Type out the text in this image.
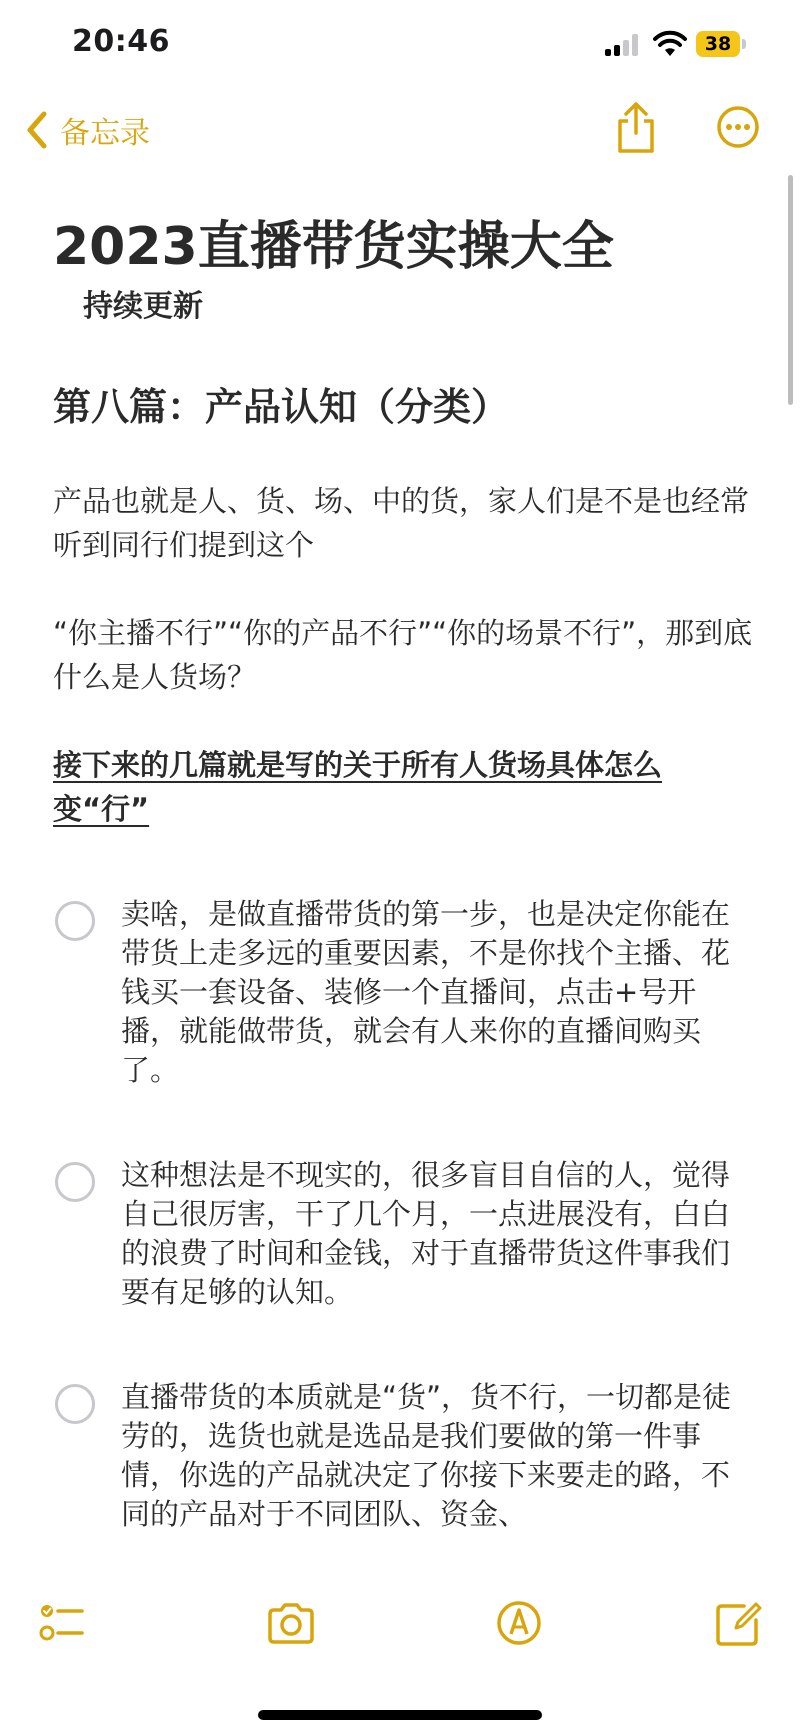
20:46	38
备忘录
2023直播带货实操大全
持续更新
第八篇：产品认知（分类）

产品也就是人、货、场、中的货，家人们是不是也经常听到同行们提到这个

“你主播不行”“你的产品不行”“你的场景不行”，那到底什么是人货场？

接下来的几篇就是写的关于所有人货场具体怎么变“行”

卖啥，是做直播带货的第一步，也是决定你能在带货上走多远的重要因素，不是你找个主播、花钱买一套设备、装修一个直播间，点击+号开播，就能做带货，就会有人来你的直播间购买了。

这种想法是不现实的，很多盲目自信的人，觉得自己很厉害，干了几个月，一点进展没有，白白的浪费了时间和金钱，对于直播带货这件事我们要有足够的认知。

直播带货的本质就是“货”，货不行，一切都是徒劳的，选货也就是选品是我们要做的第一件事情，你选的产品就决定了你接下来要走的路，不同的产品对于不同团队、资金、
